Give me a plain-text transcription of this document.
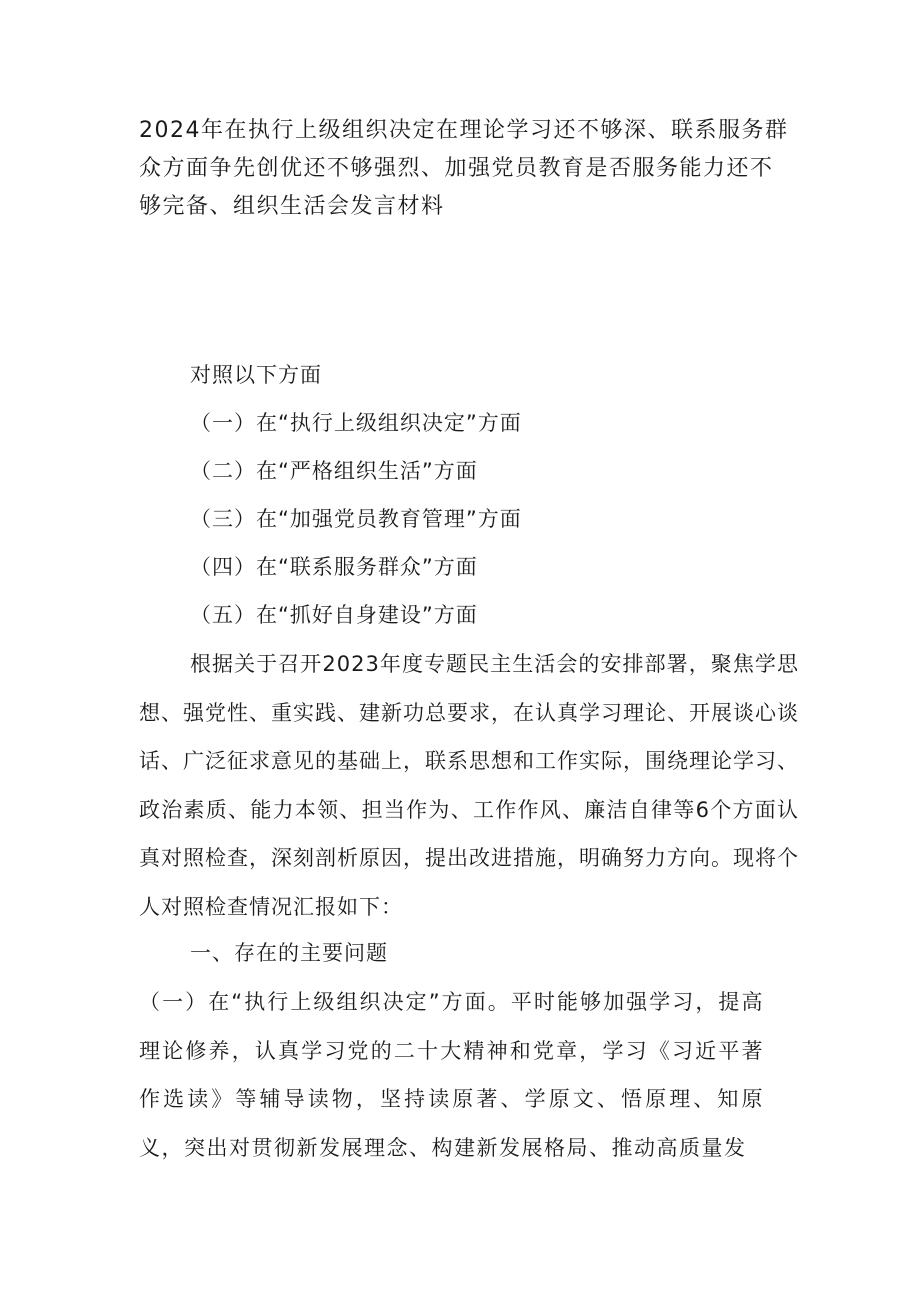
2024年在执行上级组织决定在理论学习还不够深、联系服务群众方面争先创优还不够强烈、加强党员教育是否服务能力还不够完备、组织生活会发言材料

对照以下方面

（一）在“执行上级组织决定”方面

（二）在“严格组织生活”方面

（三）在“加强党员教育管理”方面

（四）在“联系服务群众”方面

（五）在“抓好自身建设”方面

根据关于召开2023年度专题民主生活会的安排部署，聚焦学思想、强党性、重实践、建新功总要求，在认真学习理论、开展谈心谈话、广泛征求意见的基础上，联系思想和工作实际，围绕理论学习、政治素质、能力本领、担当作为、工作作风、廉洁自律等6个方面认真对照检查，深刻剖析原因，提出改进措施，明确努力方向。现将个人对照检查情况汇报如下：

一、存在的主要问题

（一）在“执行上级组织决定”方面。平时能够加强学习，提高理论修养，认真学习党的二十大精神和党章，学习《习近平著作选读》等辅导读物，坚持读原著、学原文、悟原理、知原义，突出对贯彻新发展理念、构建新发展格局、推动高质量发
